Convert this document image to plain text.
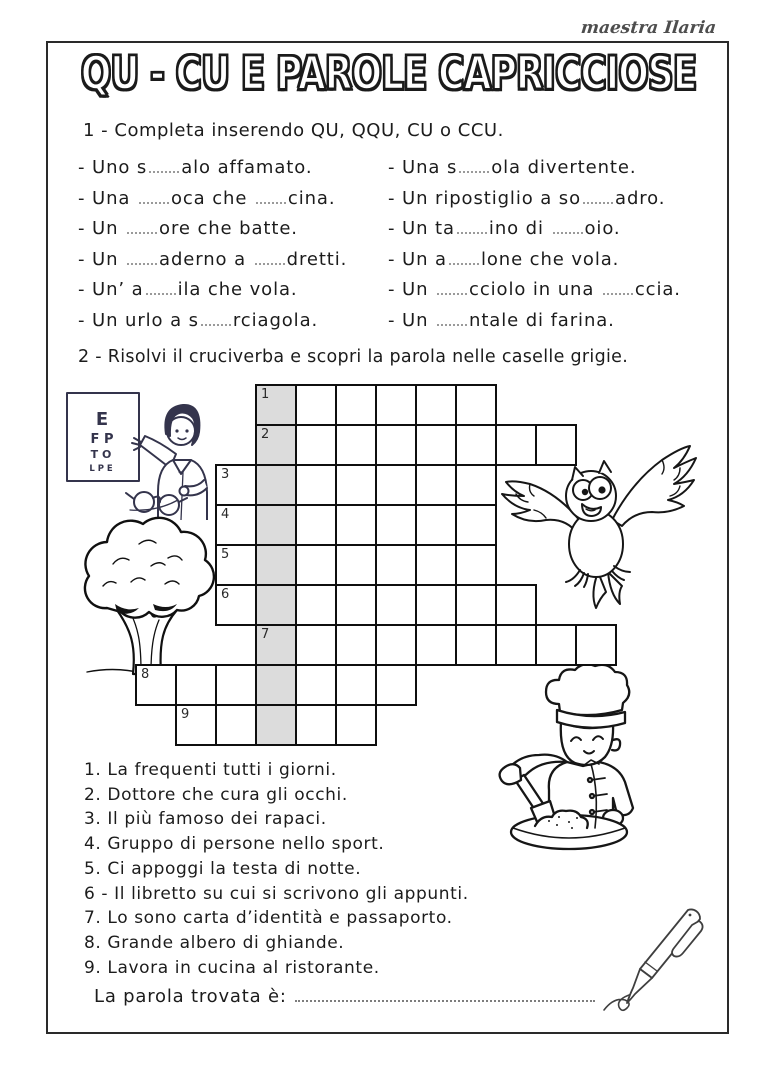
maestra Ilaria
QU - CU E PAROLE CAPRICCIOSE
1 - Completa inserendo QU, QQU, CU o CCU.
- Uno s alo affamato.
- Una oca che cina.
- Un ore che batte.
- Un aderno a dretti.
- Un’ a ila che vola.
- Un urlo a s rciagola.
- Una s ola divertente.
- Un ripostiglio a so adro.
- Un ta ino di oio.
- Un a lone che vola.
- Un cciolo in una ccia.
- Un ntale di farina.
2 - Risolvi il cruciverba e scopri la parola nelle caselle grigie.
E
F P
T O
L P E
1
2
3
4
5
6
7
8
9
1. La frequenti tutti i giorni.
2. Dottore che cura gli occhi.
3. Il più famoso dei rapaci.
4. Gruppo di persone nello sport.
5. Ci appoggi la testa di notte.
6 - Il libretto su cui si scrivono gli appunti.
7. Lo sono carta d’identità e passaporto.
8. Grande albero di ghiande.
9. Lavora in cucina al ristorante.
La parola trovata è:
